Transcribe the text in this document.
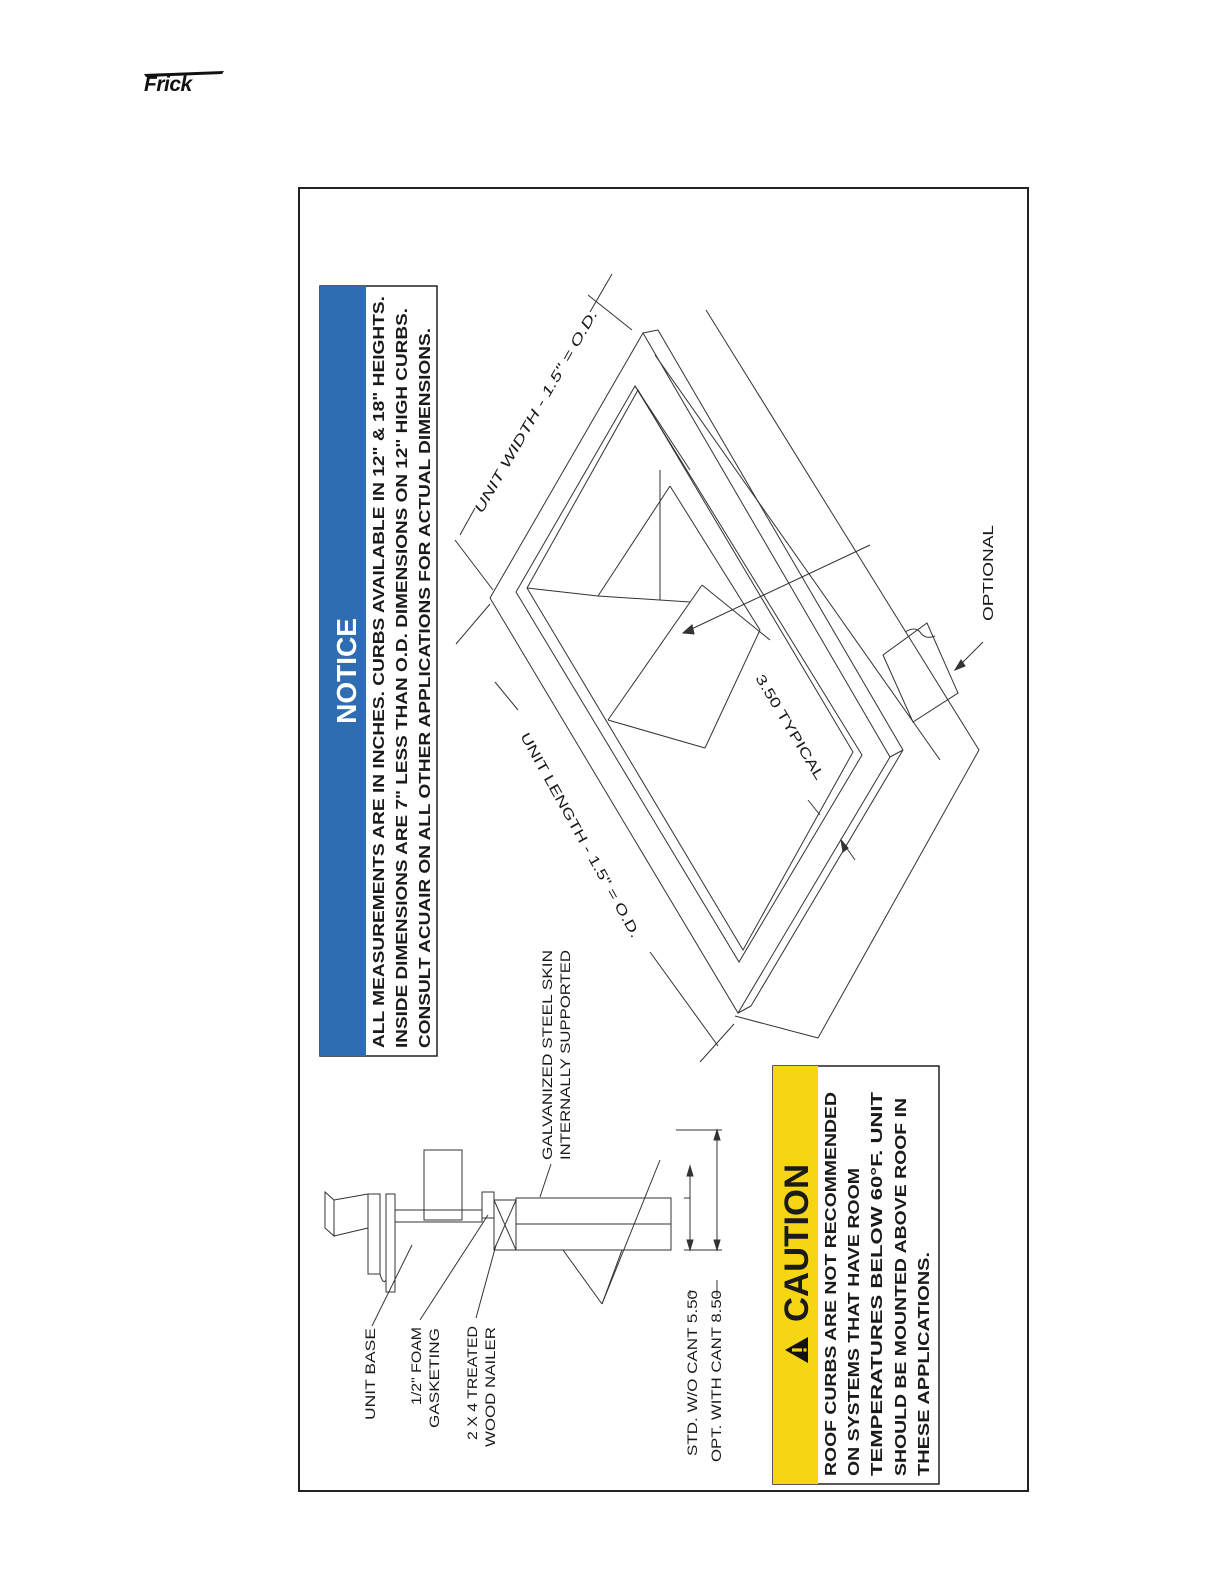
Frick
NOTICE ALL MEASUREMENTS ARE IN INCHES. CURBS AVAILABLE IN 12" & 18" HEIGHTS. INSIDE DIMENSIONS ARE 7" LESS THAN O.D. DIMENSIONS ON 12" HIGH CURBS. CONSULT ACUAIR ON ALL OTHER APPLICATIONS FOR ACTUAL DIMENSIONS.
CAUTION ROOF CURBS ARE NOT RECOMMENDED ON SYSTEMS THAT HAVE ROOM TEMPERATURES BELOW 60°F. UNIT SHOULD BE MOUNTED ABOVE ROOF IN THESE APPLICATIONS.
UNIT WIDTH - 1.5" = O.D.
UNIT LENGTH - 1.5" = O.D.
3.50 TYPICAL
OPTIONAL
GALVANIZED STEEL SKIN INTERNALLY SUPPORTED
UNIT BASE 1/2" FOAM GASKETING 2 X 4 TREATED WOOD NAILER	STD. W/O CANT 5.50 OPT. WITH CANT 8.50
